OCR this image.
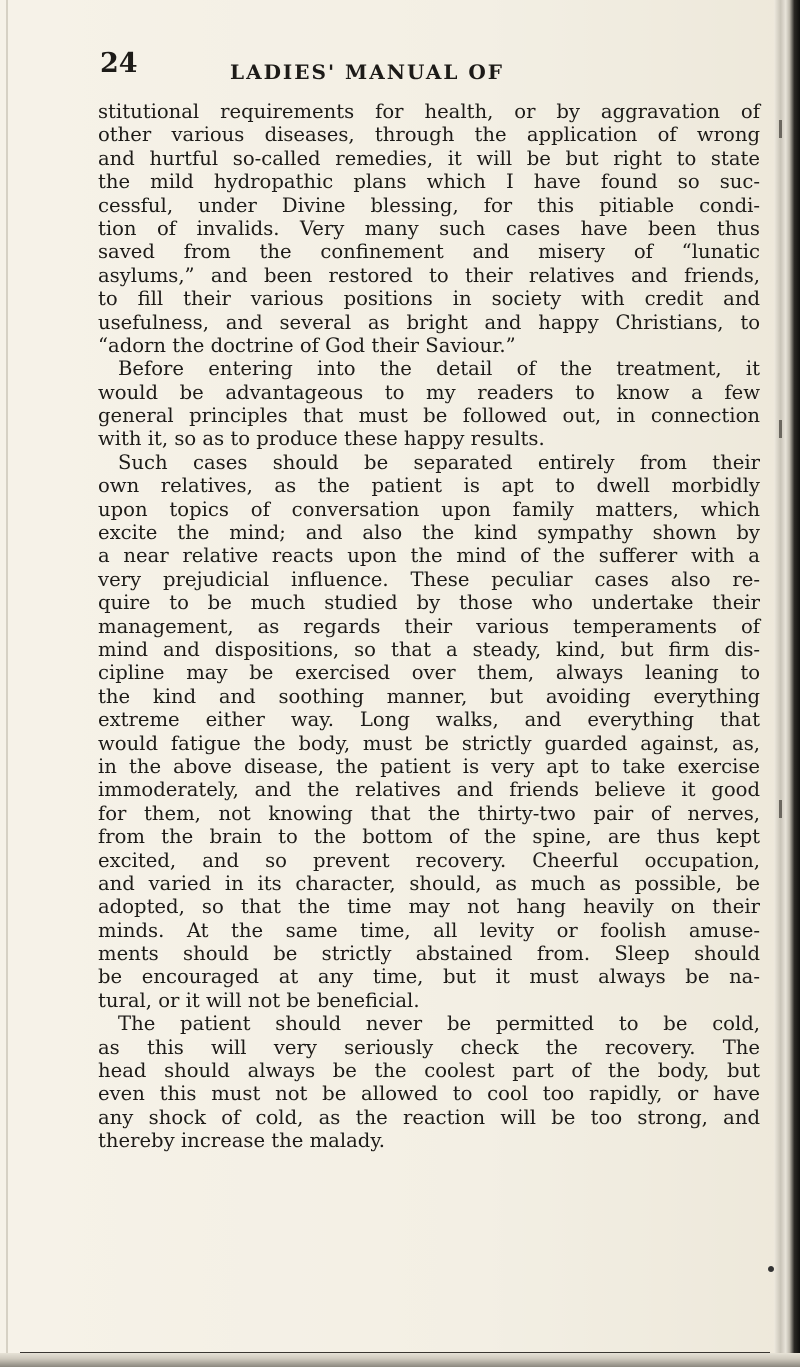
24	LADIES' MANUAL OF
stitutional requirements for health, or by aggravation of
other various diseases, through the application of wrong
and hurtful so-called remedies, it will be but right to state
the mild hydropathic plans which I have found so suc-
cessful, under Divine blessing, for this pitiable condi-
tion of invalids. Very many such cases have been thus
saved from the confinement and misery of “lunatic
asylums,” and been restored to their relatives and friends,
to fill their various positions in society with credit and
usefulness, and several as bright and happy Christians, to
“adorn the doctrine of God their Saviour.”
Before entering into the detail of the treatment, it
would be advantageous to my readers to know a few
general principles that must be followed out, in connection
with it, so as to produce these happy results.
Such cases should be separated entirely from their
own relatives, as the patient is apt to dwell morbidly
upon topics of conversation upon family matters, which
excite the mind; and also the kind sympathy shown by
a near relative reacts upon the mind of the sufferer with a
very prejudicial influence. These peculiar cases also re-
quire to be much studied by those who undertake their
management, as regards their various temperaments of
mind and dispositions, so that a steady, kind, but firm dis-
cipline may be exercised over them, always leaning to
the kind and soothing manner, but avoiding everything
extreme either way. Long walks, and everything that
would fatigue the body, must be strictly guarded against, as,
in the above disease, the patient is very apt to take exercise
immoderately, and the relatives and friends believe it good
for them, not knowing that the thirty-two pair of nerves,
from the brain to the bottom of the spine, are thus kept
excited, and so prevent recovery. Cheerful occupation,
and varied in its character, should, as much as possible, be
adopted, so that the time may not hang heavily on their
minds. At the same time, all levity or foolish amuse-
ments should be strictly abstained from. Sleep should
be encouraged at any time, but it must always be na-
tural, or it will not be beneficial.
The patient should never be permitted to be cold,
as this will very seriously check the recovery. The
head should always be the coolest part of the body, but
even this must not be allowed to cool too rapidly, or have
any shock of cold, as the reaction will be too strong, and
thereby increase the malady.
